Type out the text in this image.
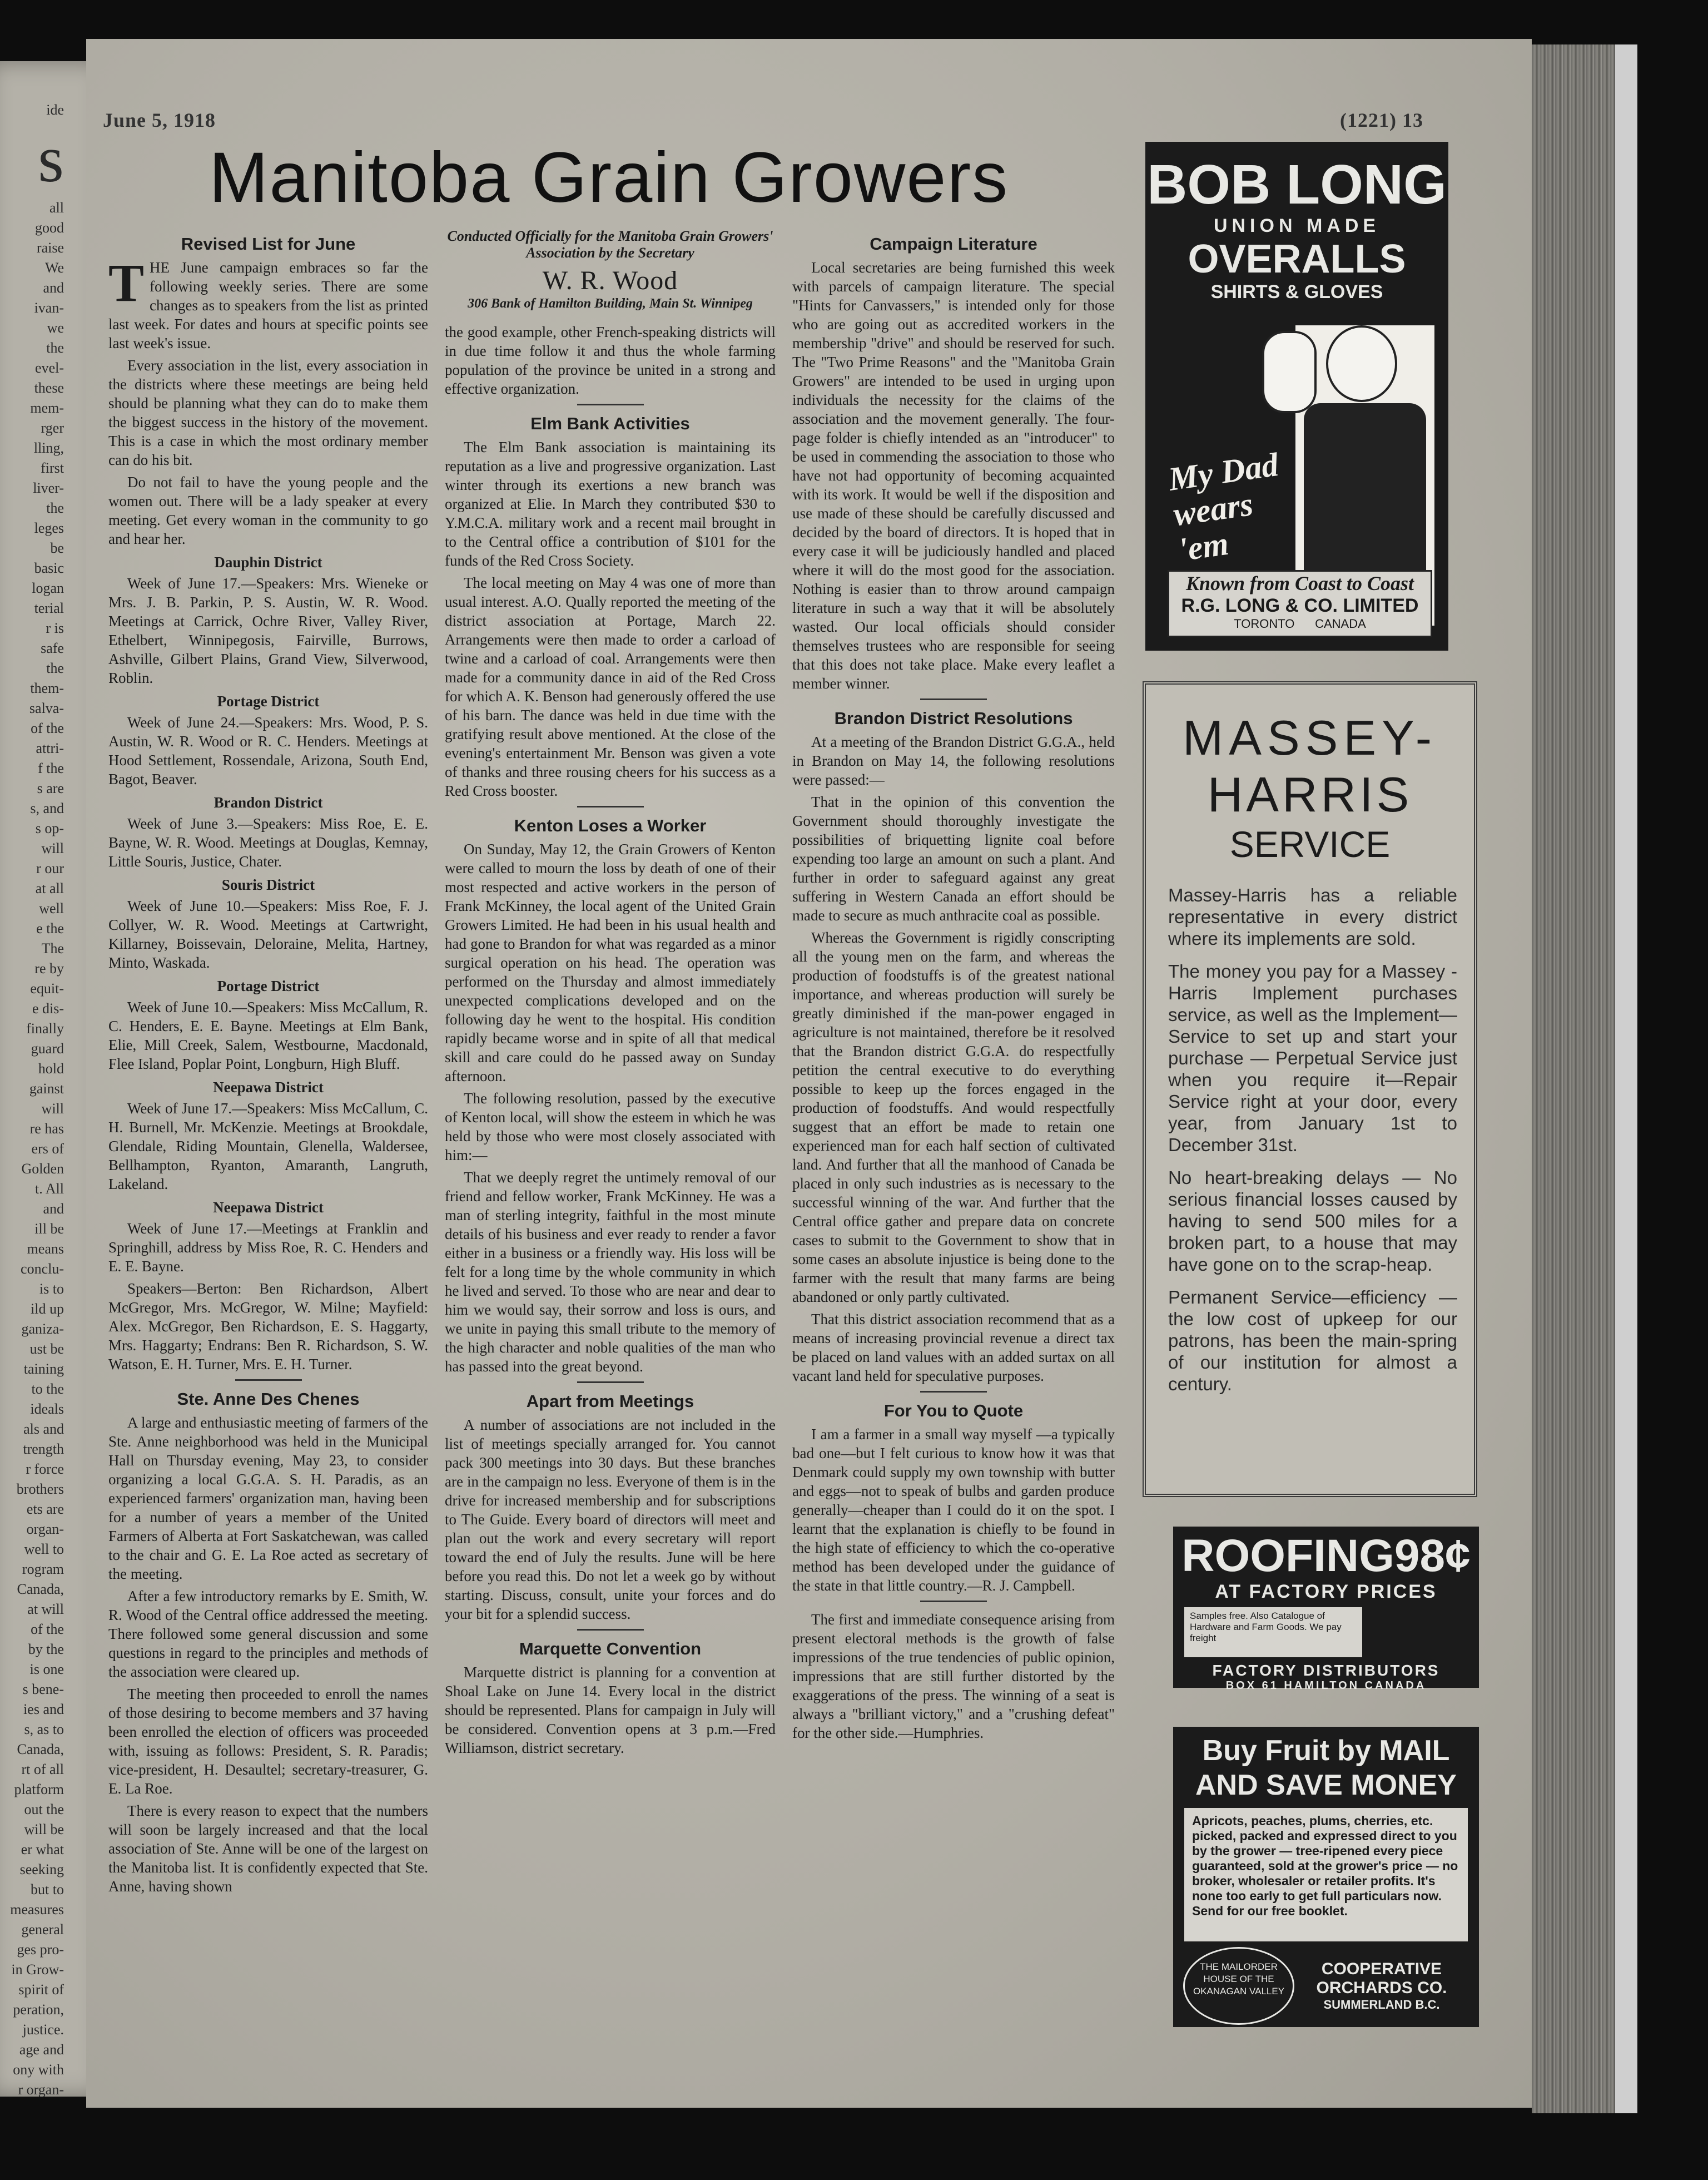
ide
s
all
good
raise
We
and
ivan-
we
the
evel-
these
mem-
rger
lling,
first
liver-
the
leges
be
basic
logan
terial
r is
safe
the
them-
salva-
of the
attri-
f the
s are
s, and
s op-
will
r our
at all
well
e the
The
re by
equit-
e dis-
finally
guard
hold
gainst
will
re has
ers of
Golden
t. All
and
ill be
means
conclu-
is to
ild up
ganiza-
ust be
taining
to the
ideals
als and
trength
r force
brothers
ets are
organ-
well to
rogram
Canada,
at will
of the
by the
is one
s bene-
ies and
s, as to
Canada,
rt of all
platform
out the
will be
er what
seeking
but to
measures
general
ges pro-
in Grow-
spirit of
peration,
justice.
age and
ony with
r organ-
June 5, 1918	(1221) 13
Manitoba Grain Growers
Revised List for June

THE June campaign embraces so far the following weekly series. There are some changes as to speakers from the list as printed last week. For dates and hours at specific points see last week's issue.

Every association in the list, every association in the districts where these meetings are being held should be planning what they can do to make them the biggest success in the history of the movement. This is a case in which the most ordinary member can do his bit.

Do not fail to have the young people and the women out. There will be a lady speaker at every meeting. Get every woman in the community to go and hear her.

Dauphin District

Week of June 17.—Speakers: Mrs. Wieneke or Mrs. J. B. Parkin, P. S. Austin, W. R. Wood. Meetings at Carrick, Ochre River, Valley River, Ethelbert, Winnipegosis, Fairville, Burrows, Ashville, Gilbert Plains, Grand View, Silverwood, Roblin.

Portage District

Week of June 24.—Speakers: Mrs. Wood, P. S. Austin, W. R. Wood or R. C. Henders. Meetings at Hood Settlement, Rossendale, Arizona, South End, Bagot, Beaver.

Brandon District

Week of June 3.—Speakers: Miss Roe, E. E. Bayne, W. R. Wood. Meetings at Douglas, Kemnay, Little Souris, Justice, Chater.

Souris District

Week of June 10.—Speakers: Miss Roe, F. J. Collyer, W. R. Wood. Meetings at Cartwright, Killarney, Boissevain, Deloraine, Melita, Hartney, Minto, Waskada.

Portage District

Week of June 10.—Speakers: Miss McCallum, R. C. Henders, E. E. Bayne. Meetings at Elm Bank, Elie, Mill Creek, Salem, Westbourne, Macdonald, Flee Island, Poplar Point, Longburn, High Bluff.

Neepawa District

Week of June 17.—Speakers: Miss McCallum, C. H. Burnell, Mr. McKenzie. Meetings at Brookdale, Glendale, Riding Mountain, Glenella, Waldersee, Bellhampton, Ryanton, Amaranth, Langruth, Lakeland.

Neepawa District

Week of June 17.—Meetings at Franklin and Springhill, address by Miss Roe, R. C. Henders and E. E. Bayne.

Speakers—Berton: Ben Richardson, Albert McGregor, Mrs. McGregor, W. Milne; Mayfield: Alex. McGregor, Ben Richardson, E. S. Haggarty, Mrs. Haggarty; Endrans: Ben R. Richardson, S. W. Watson, E. H. Turner, Mrs. E. H. Turner.

Ste. Anne Des Chenes

A large and enthusiastic meeting of farmers of the Ste. Anne neighborhood was held in the Municipal Hall on Thursday evening, May 23, to consider organizing a local G.G.A. S. H. Paradis, as an experienced farmers' organization man, having been for a number of years a member of the United Farmers of Alberta at Fort Saskatchewan, was called to the chair and G. E. La Roe acted as secretary of the meeting.

After a few introductory remarks by E. Smith, W. R. Wood of the Central office addressed the meeting. There followed some general discussion and some questions in regard to the principles and methods of the association were cleared up.

The meeting then proceeded to enroll the names of those desiring to become members and 37 having been enrolled the election of officers was proceeded with, issuing as follows: President, S. R. Paradis; vice-president, H. Desaultel; secretary-treasurer, G. E. La Roe.

There is every reason to expect that the numbers will soon be largely increased and that the local association of Ste. Anne will be one of the largest on the Manitoba list. It is confidently expected that Ste. Anne, having shown

Conducted Officially for the Manitoba Grain Growers' Association by the Secretary
W. R. Wood
306 Bank of Hamilton Building, Main St. Winnipeg

the good example, other French-speaking districts will in due time follow it and thus the whole farming population of the province be united in a strong and effective organization.

Elm Bank Activities

The Elm Bank association is maintaining its reputation as a live and progressive organization. Last winter through its exertions a new branch was organized at Elie. In March they contributed $30 to Y.M.C.A. military work and a recent mail brought in to the Central office a contribution of $101 for the funds of the Red Cross Society.

The local meeting on May 4 was one of more than usual interest. A.O. Qually reported the meeting of the district association at Portage, March 22. Arrangements were then made to order a carload of twine and a carload of coal. Arrangements were then made for a community dance in aid of the Red Cross for which A. K. Benson had generously offered the use of his barn. The dance was held in due time with the gratifying result above mentioned. At the close of the evening's entertainment Mr. Benson was given a vote of thanks and three rousing cheers for his success as a Red Cross booster.

Kenton Loses a Worker

On Sunday, May 12, the Grain Growers of Kenton were called to mourn the loss by death of one of their most respected and active workers in the person of Frank McKinney, the local agent of the United Grain Growers Limited. He had been in his usual health and had gone to Brandon for what was regarded as a minor surgical operation on his head. The operation was performed on the Thursday and almost immediately unexpected complications developed and on the following day he went to the hospital. His condition rapidly became worse and in spite of all that medical skill and care could do he passed away on Sunday afternoon.

The following resolution, passed by the executive of Kenton local, will show the esteem in which he was held by those who were most closely associated with him:—

That we deeply regret the untimely removal of our friend and fellow worker, Frank McKinney. He was a man of sterling integrity, faithful in the most minute details of his business and ever ready to render a favor either in a business or a friendly way. His loss will be felt for a long time by the whole community in which he lived and served. To those who are near and dear to him we would say, their sorrow and loss is ours, and we unite in paying this small tribute to the memory of the high character and noble qualities of the man who has passed into the great beyond.

Apart from Meetings

A number of associations are not included in the list of meetings specially arranged for. You cannot pack 300 meetings into 30 days. But these branches are in the campaign no less. Everyone of them is in the drive for increased membership and for subscriptions to The Guide. Every board of directors will meet and plan out the work and every secretary will report toward the end of July the results. June will be here before you read this. Do not let a week go by without starting. Discuss, consult, unite your forces and do your bit for a splendid success.

Marquette Convention

Marquette district is planning for a convention at Shoal Lake on June 14. Every local in the district should be represented. Plans for campaign in July will be considered. Convention opens at 3 p.m.—Fred Williamson, district secretary.

Campaign Literature

Local secretaries are being furnished this week with parcels of campaign literature. The special "Hints for Canvassers," is intended only for those who are going out as accredited workers in the membership "drive" and should be reserved for such. The "Two Prime Reasons" and the "Manitoba Grain Growers" are intended to be used in urging upon individuals the necessity for the claims of the association and the movement generally. The four-page folder is chiefly intended as an "introducer" to be used in commending the association to those who have not had opportunity of becoming acquainted with its work. It would be well if the disposition and use made of these should be carefully discussed and decided by the board of directors. It is hoped that in every case it will be judiciously handled and placed where it will do the most good for the association. Nothing is easier than to throw around campaign literature in such a way that it will be absolutely wasted. Our local officials should consider themselves trustees who are responsible for seeing that this does not take place. Make every leaflet a member winner.

Brandon District Resolutions

At a meeting of the Brandon District G.G.A., held in Brandon on May 14, the following resolutions were passed:—

That in the opinion of this convention the Government should thoroughly investigate the possibilities of briquetting lignite coal before expending too large an amount on such a plant. And further in order to safeguard against any great suffering in Western Canada an effort should be made to secure as much anthracite coal as possible.

Whereas the Government is rigidly conscripting all the young men on the farm, and whereas the production of foodstuffs is of the greatest national importance, and whereas production will surely be greatly diminished if the man-power engaged in agriculture is not maintained, therefore be it resolved that the Brandon district G.G.A. do respectfully petition the central executive to do everything possible to keep up the forces engaged in the production of foodstuffs. And would respectfully suggest that an effort be made to retain one experienced man for each half section of cultivated land. And further that all the manhood of Canada be placed in only such industries as is necessary to the successful winning of the war. And further that the Central office gather and prepare data on concrete cases to submit to the Government to show that in some cases an absolute injustice is being done to the farmer with the result that many farms are being abandoned or only partly cultivated.

That this district association recommend that as a means of increasing provincial revenue a direct tax be placed on land values with an added surtax on all vacant land held for speculative purposes.

For You to Quote

I am a farmer in a small way myself —a typically bad one—but I felt curious to know how it was that Denmark could supply my own township with butter and eggs—not to speak of bulbs and garden produce generally—cheaper than I could do it on the spot. I learnt that the explanation is chiefly to be found in the high state of efficiency to which the co-operative method has been developed under the guidance of the state in that little country.—R. J. Campbell.

The first and immediate consequence arising from present electoral methods is the growth of false impressions of the true tendencies of public opinion, impressions that are still further distorted by the exaggerations of the press. The winning of a seat is always a "brilliant victory," and a "crushing defeat" for the other side.—Humphries.

BOB LONG
UNION MADE
OVERALLS
SHIRTS & GLOVES
My Dad wears 'em
Known from Coast to Coast
R.G. LONG & CO. LIMITED
TORONTO CANADA
MASSEY-
HARRIS
SERVICE

Massey-Harris has a reliable representative in every district where its implements are sold.

The money you pay for a Massey - Harris Implement purchases service, as well as the Implement—Service to set up and start your purchase — Perpetual Service just when you require it—Repair Service right at your door, every year, from January 1st to December 31st.

No heart-breaking delays — No serious financial losses caused by having to send 500 miles for a broken part, to a house that may have gone on to the scrap-heap.

Permanent Service—efficiency — the low cost of upkeep for our patrons, has been the main-spring of our institution for almost a century.

ROOFING98¢
AT FACTORY PRICES
Samples free. Also Catalogue of Hardware and Farm Goods. We pay freight
FACTORY DISTRIBUTORS
BOX 61 HAMILTON CANADA
Buy Fruit by MAIL
AND SAVE MONEY
Apricots, peaches, plums, cherries, etc. picked, packed and expressed direct to you by the grower — tree-ripened every piece guaranteed, sold at the grower's price — no broker, wholesaler or retailer profits. It's none too early to get full particulars now. Send for our free booklet.
THE MAILORDER HOUSE OF THE OKANAGAN VALLEY
COOPERATIVE ORCHARDS CO.
SUMMERLAND B.C.
